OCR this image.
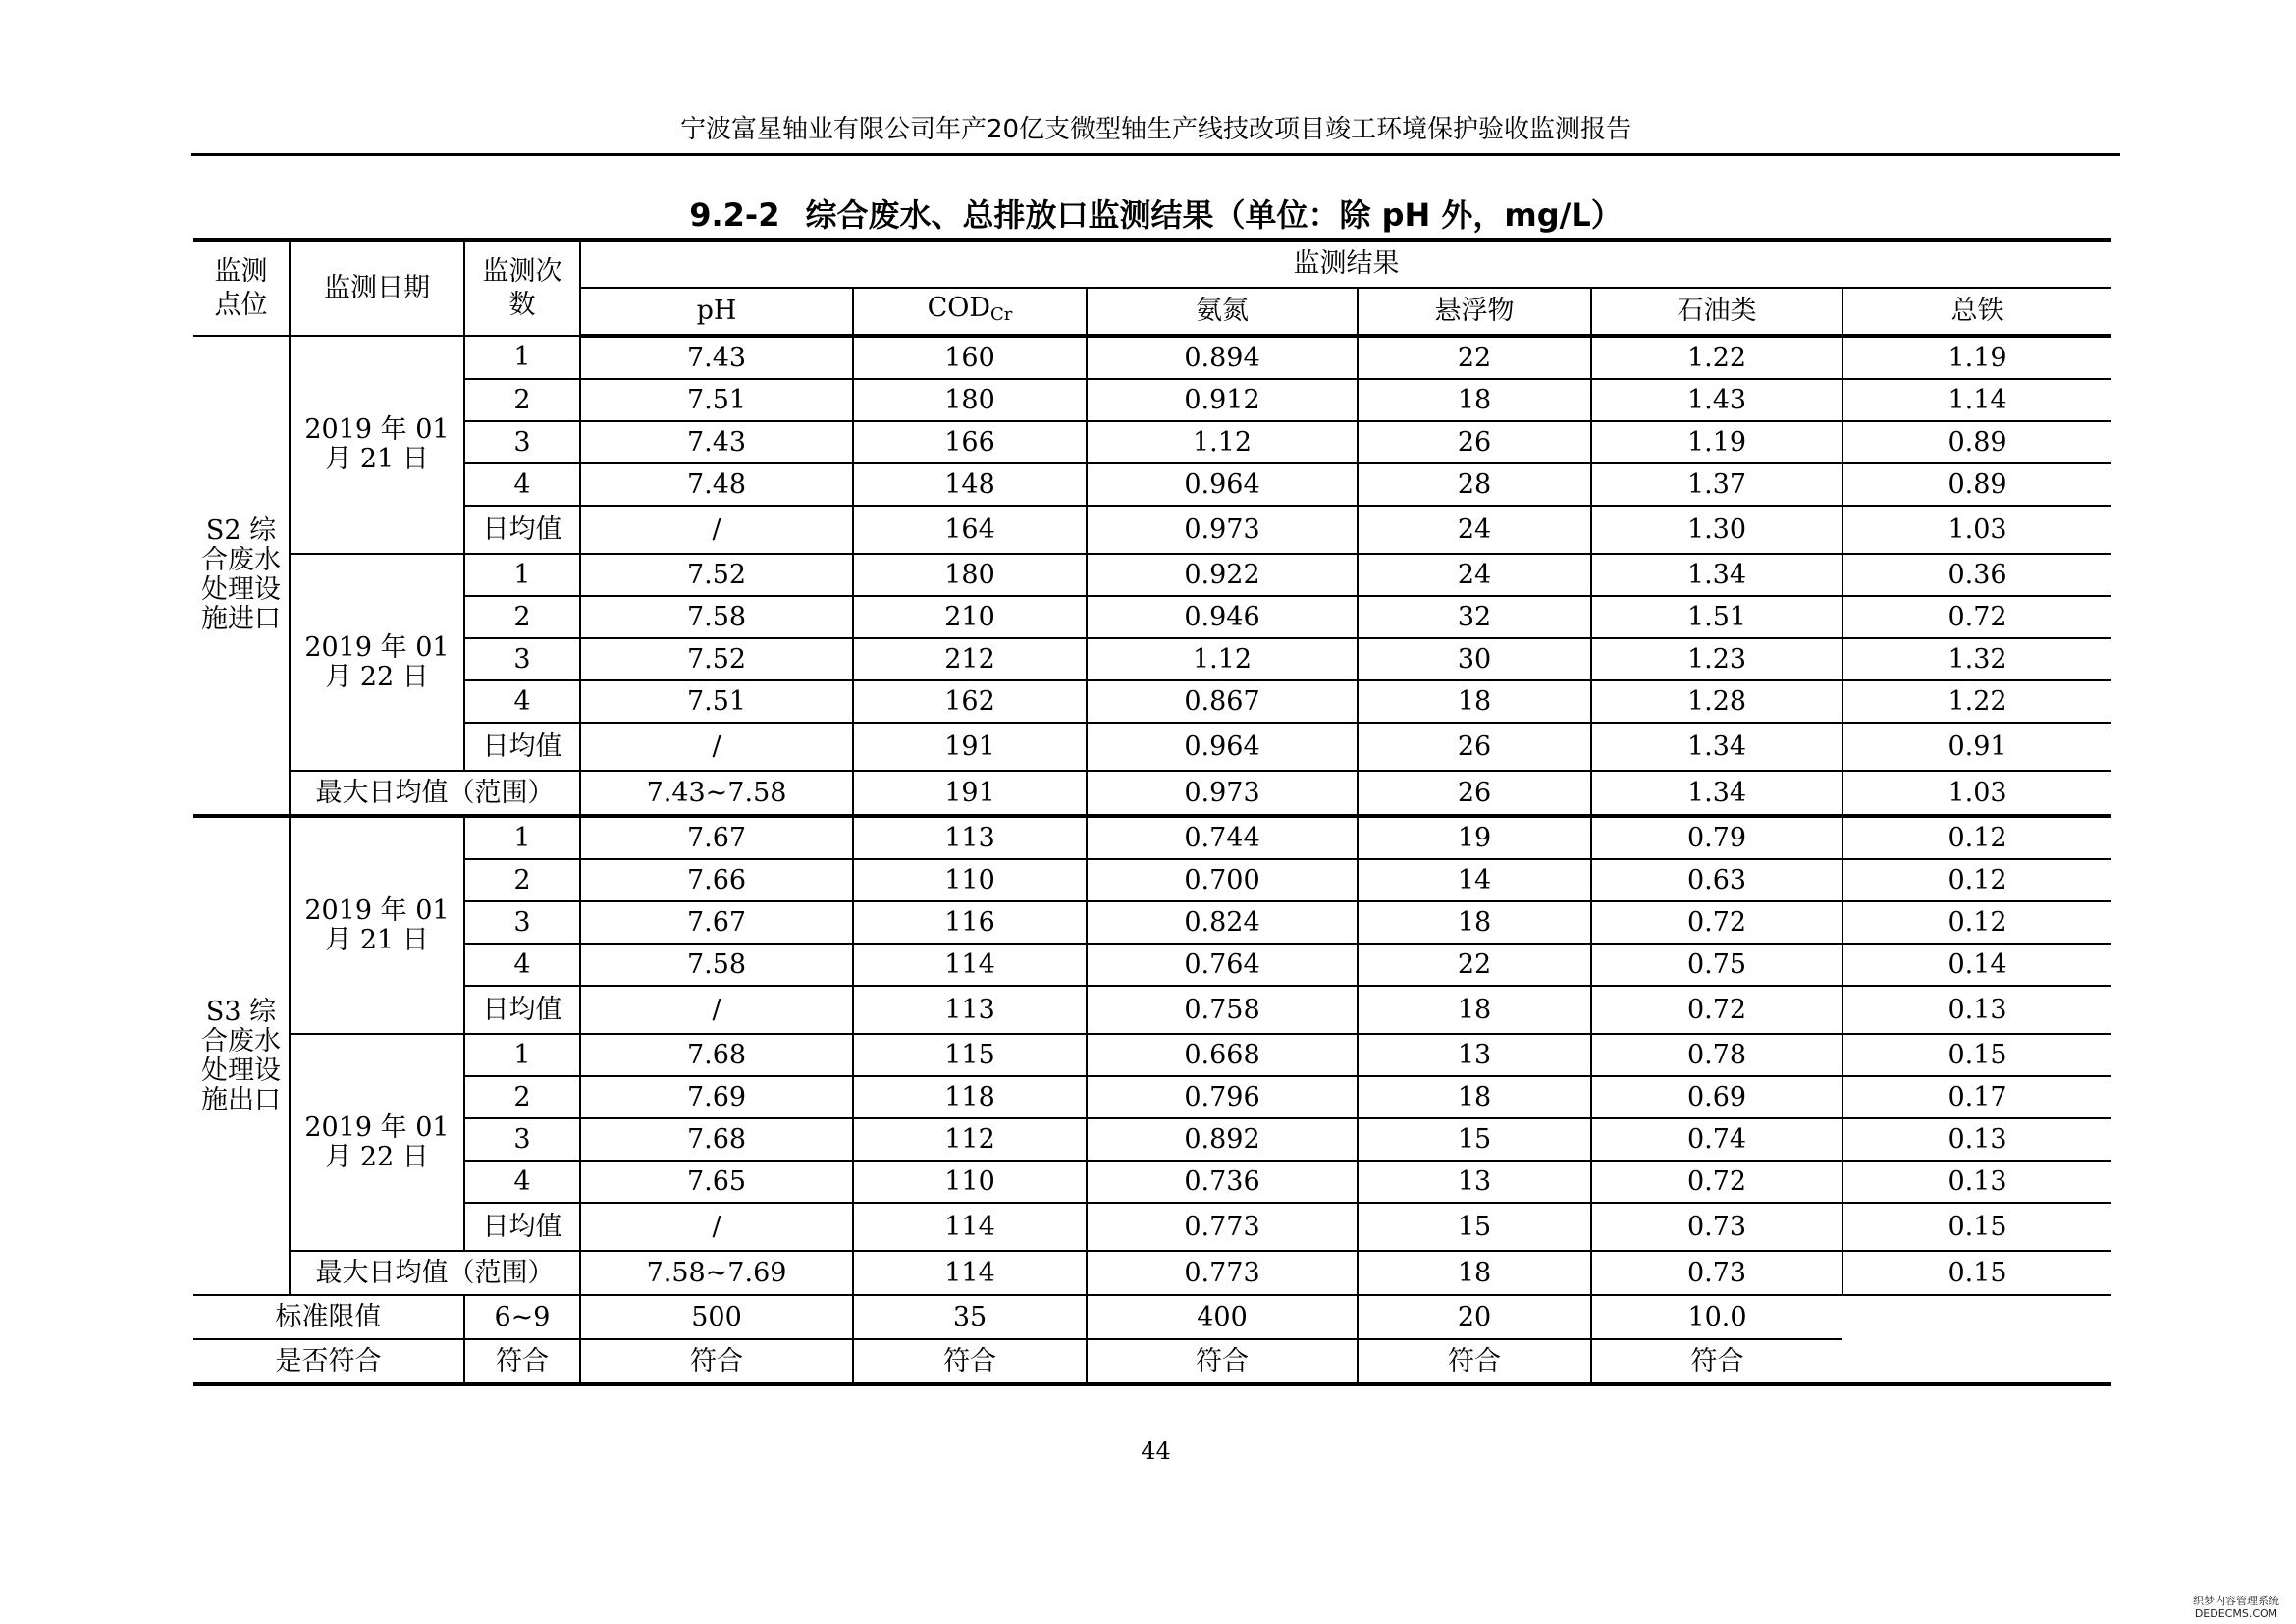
宁波富星轴业有限公司年产20亿支微型轴生产线技改项目竣工环境保护验收监测报告
9.2-2 综合废水、总排放口监测结果（单位：除 pH 外，mg/L）
监测点位	监测日期	监测次数	监测结果					
			pH	$COD_{Cr}$	氨氮	悬浮物	石油类	总铁
S2 综合废水处理设施进口	2019 年 01 月 21 日	1	7.43	160	0.894	22	1.22	1.19
		2	7.51	180	0.912	18	1.43	1.14
		3	7.43	166	1.12	26	1.19	0.89
		4	7.48	148	0.964	28	1.37	0.89
		日均值	/	164	0.973	24	1.30	1.03
	2019 年 01 月 22 日	1	7.52	180	0.922	24	1.34	0.36
		2	7.58	210	0.946	32	1.51	0.72
		3	7.52	212	1.12	30	1.23	1.32
		4	7.51	162	0.867	18	1.28	1.22
		日均值	/	191	0.964	26	1.34	0.91
	最大日均值（范围）		7.43~7.58	191	0.973	26	1.34	1.03
S3 综合废水处理设施出口	2019 年 01 月 21 日	1	7.67	113	0.744	19	0.79	0.12
		2	7.66	110	0.700	14	0.63	0.12
		3	7.67	116	0.824	18	0.72	0.12
		4	7.58	114	0.764	22	0.75	0.14
		日均值	/	113	0.758	18	0.72	0.13
	2019 年 01 月 22 日	1	7.68	115	0.668	13	0.78	0.15
		2	7.69	118	0.796	18	0.69	0.17
		3	7.68	112	0.892	15	0.74	0.13
		4	7.65	110	0.736	13	0.72	0.13
		日均值	/	114	0.773	15	0.73	0.15
	最大日均值（范围）		7.58~7.69	114	0.773	18	0.73	0.15
标准限值		6~9	500	35	400	20	10.0	
是否符合		符合	符合	符合	符合	符合	符合	
44
织梦内容管理系统
DEDECMS.COM
